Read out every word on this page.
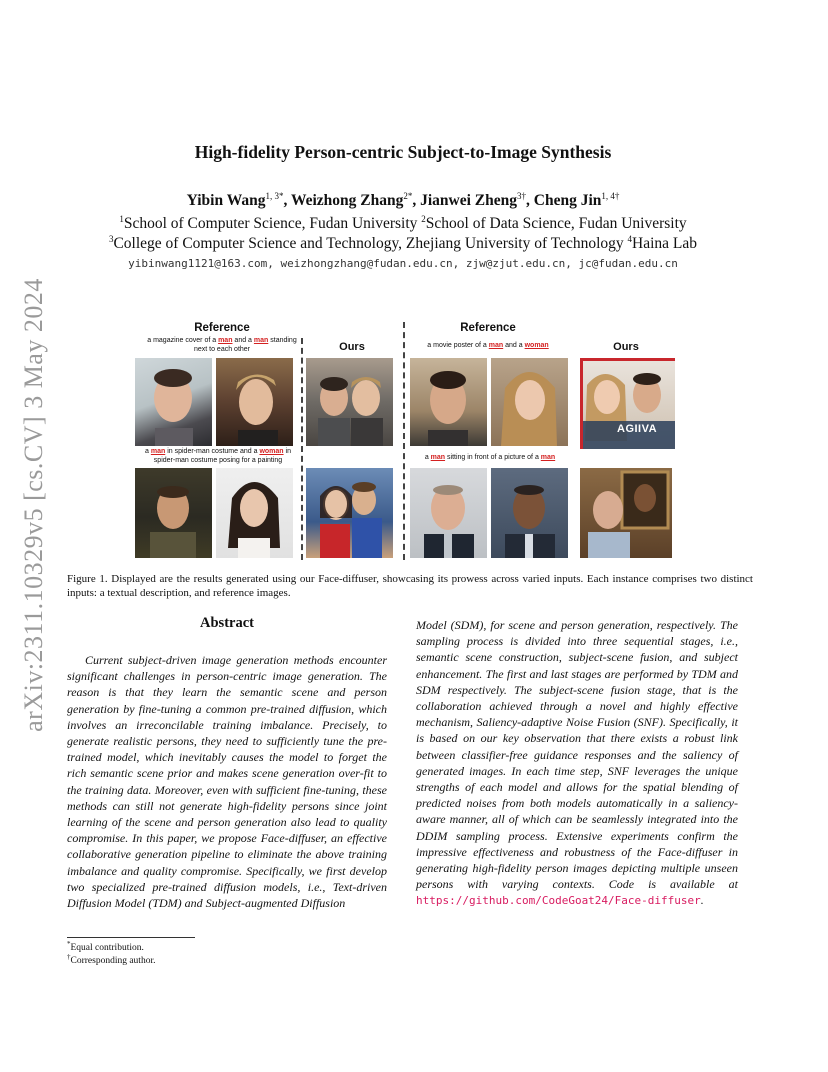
arXiv:2311.10329v5 [cs.CV] 3 May 2024
High-fidelity Person-centric Subject-to-Image Synthesis
Yibin Wang$^{1, 3*}$, Weizhong Zhang$^{2*}$, Jianwei Zheng$^{3\dagger}$, Cheng Jin$^{1, 4\dagger}$
$^1$School of Computer Science, Fudan University $^2$School of Data Science, Fudan University
$^3$College of Computer Science and Technology, Zhejiang University of Technology $^4$Haina Lab
yibinwang1121@163.com, weizhongzhang@fudan.edu.cn, zjw@zjut.edu.cn, jc@fudan.edu.cn
Reference
a magazine cover of a man and a man standing next to each other	Ours
a man in spider-man costume and a woman in spider-man costume posing for a painting
Reference
a movie poster of a man and a woman	Ours
AGIIVA
a man sitting in front of a picture of a man
Figure 1. Displayed are the results generated using our Face-diffuser, showcasing its prowess across varied inputs. Each instance comprises two distinct inputs: a textual description, and reference images.
Abstract
Current subject-driven image generation methods encounter significant challenges in person-centric image generation. The reason is that they learn the semantic scene and person generation by fine-tuning a common pre-trained diffusion, which involves an irreconcilable training imbalance. Precisely, to generate realistic persons, they need to sufficiently tune the pre-trained model, which inevitably causes the model to forget the rich semantic scene prior and makes scene generation over-fit to the training data. Moreover, even with sufficient fine-tuning, these methods can still not generate high-fidelity persons since joint learning of the scene and person generation also lead to quality compromise. In this paper, we propose Face-diffuser, an effective collaborative generation pipeline to eliminate the above training imbalance and quality compromise. Specifically, we first develop two specialized pre-trained diffusion models, i.e., Text-driven Diffusion Model (TDM) and Subject-augmented Diffusion
Model (SDM), for scene and person generation, respectively. The sampling process is divided into three sequential stages, i.e., semantic scene construction, subject-scene fusion, and subject enhancement. The first and last stages are performed by TDM and SDM respectively. The subject-scene fusion stage, that is the collaboration achieved through a novel and highly effective mechanism, Saliency-adaptive Noise Fusion (SNF). Specifically, it is based on our key observation that there exists a robust link between classifier-free guidance responses and the saliency of generated images. In each time step, SNF leverages the unique strengths of each model and allows for the spatial blending of predicted noises from both models automatically in a saliency-aware manner, all of which can be seamlessly integrated into the DDIM sampling process. Extensive experiments confirm the impressive effectiveness and robustness of the Face-diffuser in generating high-fidelity person images depicting multiple unseen persons with varying contexts. Code is available at https://github.com/CodeGoat24/Face-diffuser.
*Equal contribution.
†Corresponding author.
